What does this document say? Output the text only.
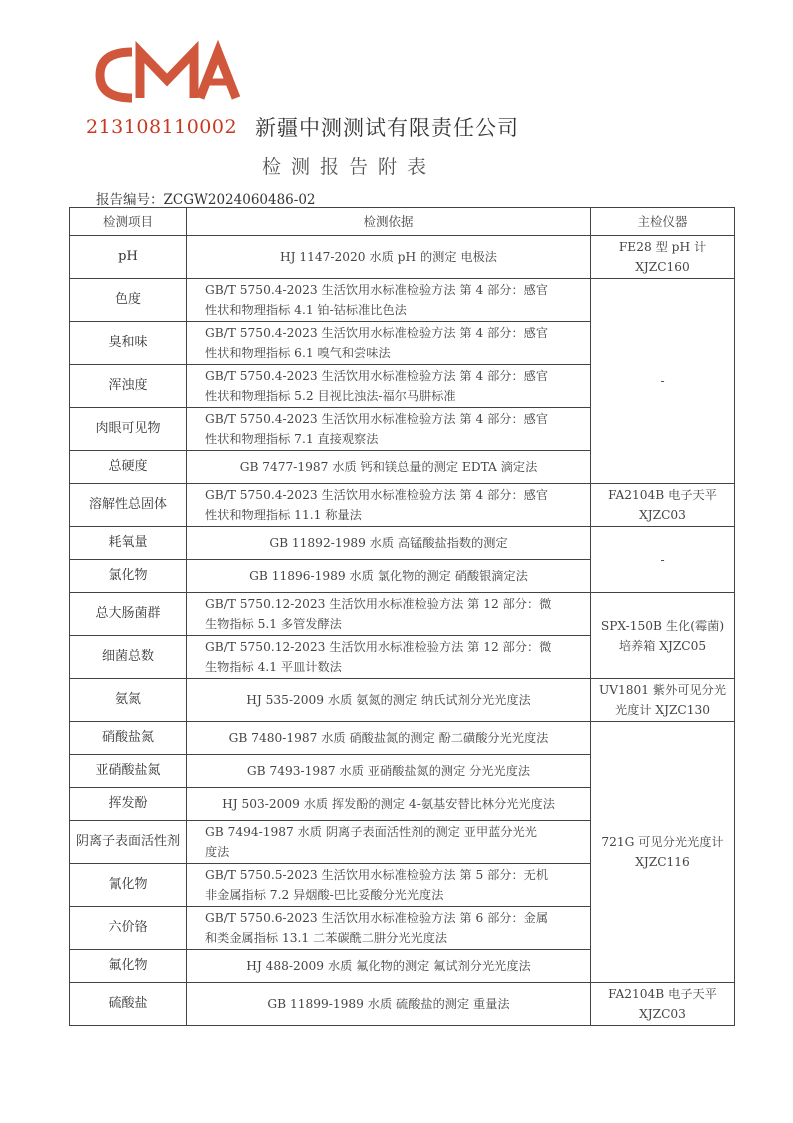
213108110002 新疆中测测试有限责任公司
检测报告附表
报告编号：ZCGW2024060486-02
检测项目	检测依据	主检仪器
pH	HJ 1147-2020 水质 pH 的测定 电极法	FE28 型 pH 计 XJZC160
色度	GB/T 5750.4-2023 生活饮用水标准检验方法 第 4 部分：感官
性状和物理指标 4.1 铂-钴标准比色法	-
臭和味	GB/T 5750.4-2023 生活饮用水标准检验方法 第 4 部分：感官
性状和物理指标 6.1 嗅气和尝味法	

浑浊度	GB/T 5750.4-2023 生活饮用水标准检验方法 第 4 部分：感官
性状和物理指标 5.2 目视比浊法-福尔马肼标准	

肉眼可见物	GB/T 5750.4-2023 生活饮用水标准检验方法 第 4 部分：感官
性状和物理指标 7.1 直接观察法	

总硬度	GB 7477-1987 水质 钙和镁总量的测定 EDTA 滴定法	
溶解性总固体	GB/T 5750.4-2023 生活饮用水标准检验方法 第 4 部分：感官
性状和物理指标 11.1 称量法	FA2104B 电子天平
XJZC03

耗氧量	GB 11892-1989 水质 高锰酸盐指数的测定	-
氯化物	GB 11896-1989 水质 氯化物的测定 硝酸银滴定法	
总大肠菌群	GB/T 5750.12-2023 生活饮用水标准检验方法 第 12 部分：微
生物指标 5.1 多管发酵法	SPX-150B 生化(霉菌)
培养箱 XJZC05

细菌总数	GB/T 5750.12-2023 生活饮用水标准检验方法 第 12 部分：微
生物指标 4.1 平皿计数法	

氨氮	HJ 535-2009 水质 氨氮的测定 纳氏试剂分光光度法	UV1801 紫外可见分光
光度计 XJZC130

硝酸盐氮	GB 7480-1987 水质 硝酸盐氮的测定 酚二磺酸分光光度法	721G 可见分光光度计
XJZC116

亚硝酸盐氮	GB 7493-1987 水质 亚硝酸盐氮的测定 分光光度法	
挥发酚	HJ 503-2009 水质 挥发酚的测定 4-氨基安替比林分光光度法	
阴离子表面活性剂	GB 7494-1987 水质 阴离子表面活性剂的测定 亚甲蓝分光光
度法	

氰化物	GB/T 5750.5-2023 生活饮用水标准检验方法 第 5 部分：无机
非金属指标 7.2 异烟酸-巴比妥酸分光光度法	

六价铬	GB/T 5750.6-2023 生活饮用水标准检验方法 第 6 部分：金属
和类金属指标 13.1 二苯碳酰二肼分光光度法	

氟化物	HJ 488-2009 水质 氟化物的测定 氟试剂分光光度法	
硫酸盐	GB 11899-1989 水质 硫酸盐的测定 重量法	FA2104B 电子天平
XJZC03
